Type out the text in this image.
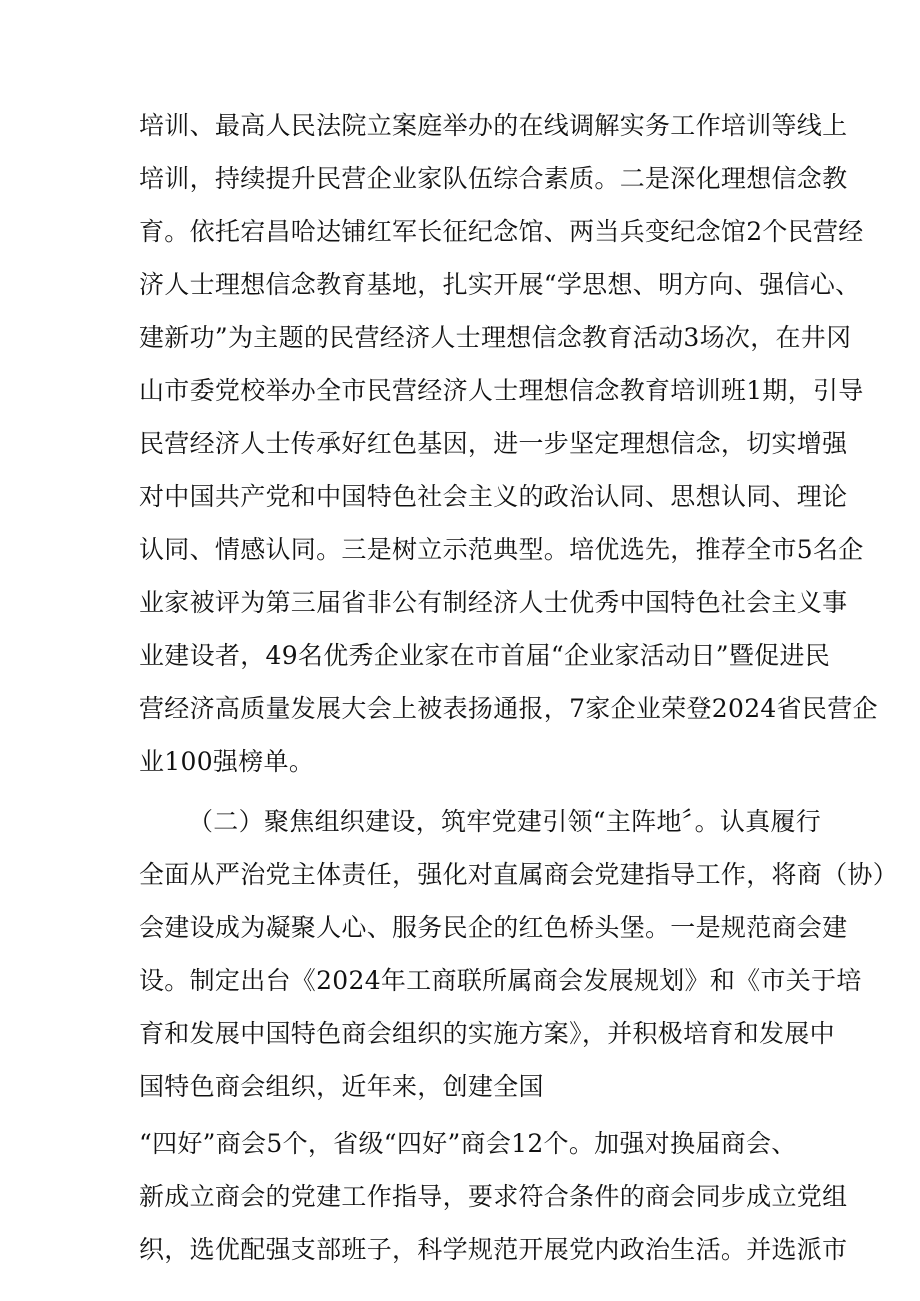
培训、最高人民法院立案庭举办的在线调解实务工作培训等线上
培训，持续提升民营企业家队伍综合素质。二是深化理想信念教
育。依托宕昌哈达铺红军长征纪念馆、两当兵变纪念馆2个民营经
济人士理想信念教育基地，扎实开展“学思想、明方向、强信心、
建新功”为主题的民营经济人士理想信念教育活动3场次，在井冈
山市委党校举办全市民营经济人士理想信念教育培训班1期，引导
民营经济人士传承好红色基因，进一步坚定理想信念，切实增强
对中国共产党和中国特色社会主义的政治认同、思想认同、理论
认同、情感认同。三是树立示范典型。培优选先，推荐全市5名企
业家被评为第三届省非公有制经济人士优秀中国特色社会主义事
业建设者，49名优秀企业家在市首届“企业家活动日”暨促进民
营经济高质量发展大会上被表扬通报，7家企业荣登2024省民营企
业100强榜单。
（二）聚焦组织建设，筑牢党建引领“主阵地〞。认真履行
全面从严治党主体责任，强化对直属商会党建指导工作，将商（协）
会建设成为凝聚人心、服务民企的红色桥头堡。一是规范商会建
设。制定出台《2024年工商联所属商会发展规划》和《市关于培
育和发展中国特色商会组织的实施方案》，并积极培育和发展中
国特色商会组织，近年来，创建全国
“四好”商会5个，省级“四好”商会12个。加强对换届商会、
新成立商会的党建工作指导，要求符合条件的商会同步成立党组
织，选优配强支部班子，科学规范开展党内政治生活。并选派市
